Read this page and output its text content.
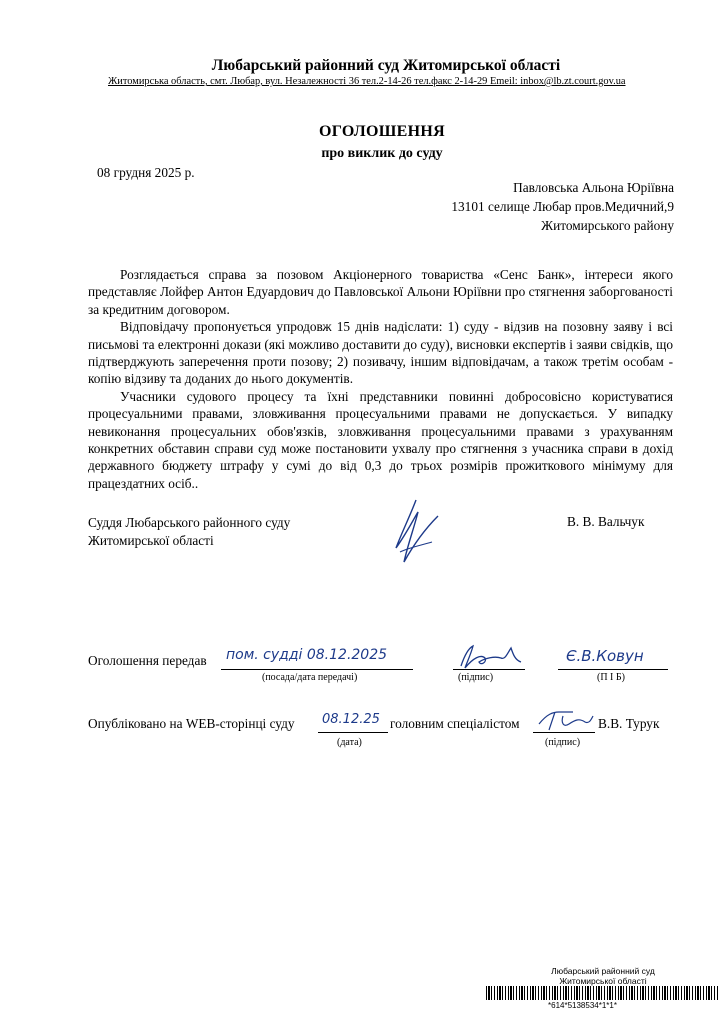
Любарський районний суд Житомирської області
Житомирська область, смт. Любар, вул. Незалежності 36 тел.2-14-26 тел.факс 2-14-29 Emeil: inbox@lb.zt.court.gov.ua
ОГОЛОШЕННЯ
про виклик до суду
08 грудня 2025 р.
Павловська Альона Юріївна
13101 селище Любар пров.Медичний,9
Житомирського району

Розглядається справа за позовом Акціонерного товариства «Сенс Банк», інтереси якого представляє Лойфер Антон Едуардович до Павловської Альони Юріївни про стягнення заборгованості за кредитним договором.

Відповідачу пропонується упродовж 15 днів надіслати: 1) суду - відзив на позовну заяву і всі письмові та електронні докази (які можливо доставити до суду), висновки експертів і заяви свідків, що підтверджують заперечення проти позову; 2) позивачу, іншим відповідачам, а також третім особам - копію відзиву та доданих до нього документів.

Учасники судового процесу та їхні представники повинні добросовісно користуватися процесуальними правами, зловживання процесуальними правами не допускається. У випадку невиконання процесуальних обов'язків, зловживання процесуальними правами з урахуванням конкретних обставин справи суд може постановити ухвалу про стягнення з учасника справи в дохід державного бюджету штрафу у сумі до від 0,3 до трьох розмірів прожиткового мінімуму для працездатних осіб..

Суддя Любарського районного суду
Житомирської області
В. В. Вальчук
Оголошення передав пом. судді 08.12.2025
(посада/дата передачі)	(підпис)
Є.В.Ковун
(П І Б)
Опубліковано на WEB-сторінці суду 08.12.25
(дата)
головним спеціалістом	В.В. Турук
(підпис)
Любарський районний суд
Житомирської області
*614*5138534*1*1*
